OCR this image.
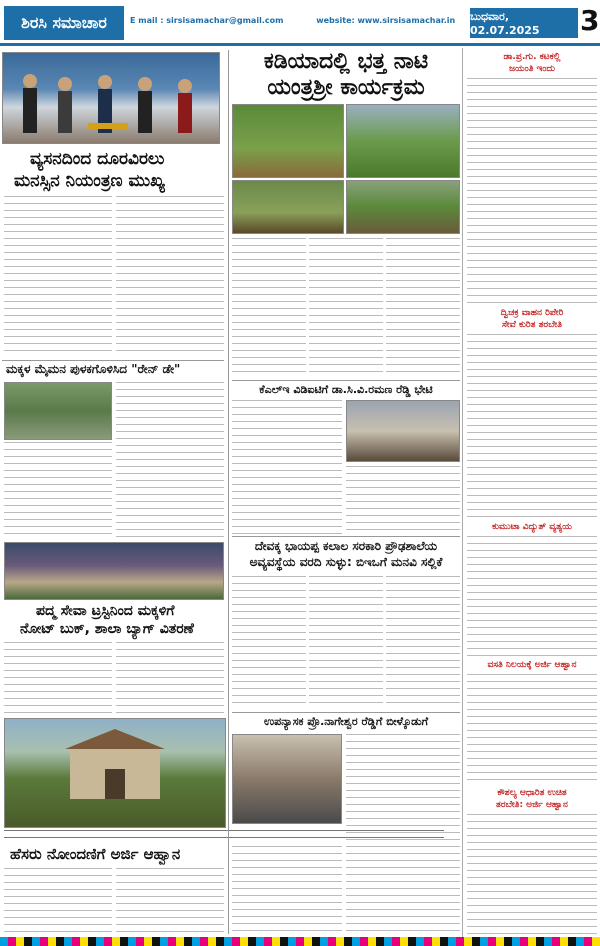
ಶಿರಸಿ ಸಮಾಚಾರ	E mail : sirsisamachar@gmail.com	website: www.sirsisamachar.in	ಬುಧವಾರ, 02.07.2025	3
ವ್ಯಸನದಿಂದ ದೂರವಿರಲು
ಮನಸ್ಸಿನ ನಿಯಂತ್ರಣ ಮುಖ್ಯ
ಮಕ್ಕಳ ಮೈಮನ ಪುಳಕಗೊಳಿಸಿದ "ರೇನ್ ಡೇ"
ಪದ್ಮ ಸೇವಾ ಟ್ರಸ್ಟಿನಿಂದ ಮಕ್ಕಳಿಗೆ
ನೋಟ್ ಬುಕ್, ಶಾಲಾ ಬ್ಯಾಗ್ ವಿತರಣೆ
ಹೆಸರು ನೋಂದಣಿಗೆ ಅರ್ಜಿ ಆಹ್ವಾನ
ಕಡಿಯಾದಲ್ಲಿ ಭತ್ತ ನಾಟಿ
ಯಂತ್ರಶ್ರೀ ಕಾರ್ಯಕ್ರಮ
ಕೆಎಲ್ಇ ವಿಡಿಐಟಿಗೆ ಡಾ.ಸಿ.ವಿ.ರಮಣ ರೆಡ್ಡಿ ಭೇಟಿ
ದೇವಕ್ಕ ಭಾಯಪ್ಪ ಕಲಾಲ ಸರಕಾರಿ ಪ್ರೌಢಶಾಲೆಯ
ಅವ್ಯವಸ್ಥೆಯ ವರದಿ ಸುಳ್ಳು: ಬಿಇಒಗೆ ಮನವಿ ಸಲ್ಲಿಕೆ
ಉಪನ್ಯಾಸಕ ಪ್ರೊ.ನಾಗೇಶ್ವರ ರೆಡ್ಡಿಗೆ ಬೀಳ್ಕೊಡುಗೆ
ಡಾ.ಪ್ರ.ಗು. ಕಟಕಲ್ಲಿ
ಜಯಂತಿ ಇಂದು
ದ್ವಿಚಕ್ರ ವಾಹನ ರಿಪೇರಿ
ಸೇವೆ ಕುರಿತ ತರಬೇತಿ
ಕುಮುಟಾ ವಿದ್ಯುತ್ ವ್ಯತ್ಯಯ
ವಸತಿ ನಿಲಯಕ್ಕೆ ಅರ್ಜಿ ಆಹ್ವಾನ
ಕೌಶಲ್ಯ ಆಧಾರಿತ ಉಚಿತ
ತರಬೇತಿ: ಅರ್ಜಿ ಆಹ್ವಾನ
